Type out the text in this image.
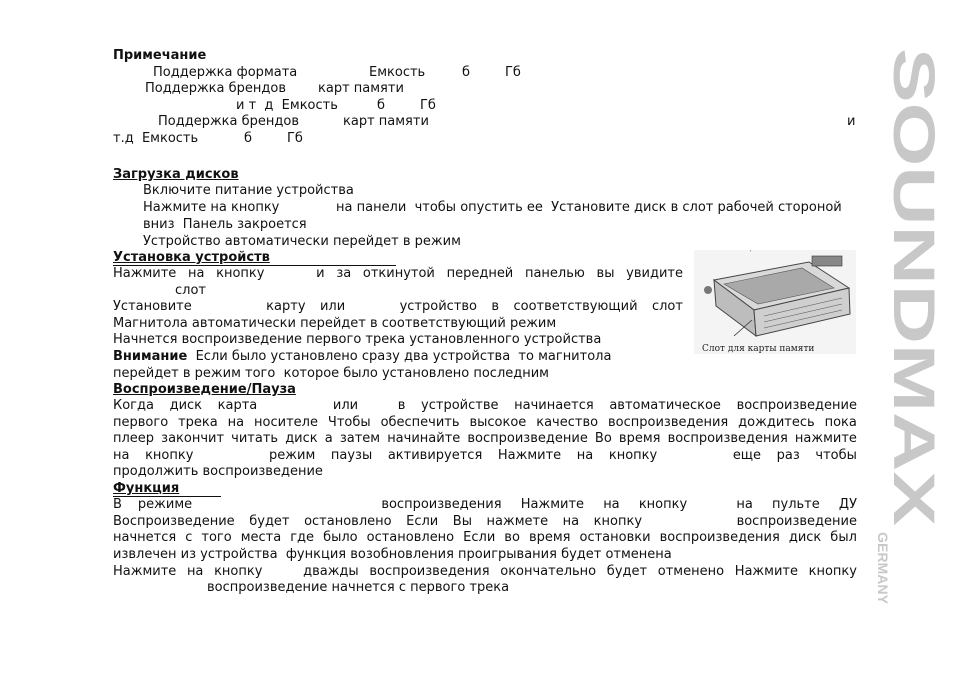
SOUNDMAX
GERMANY
Примечание
Поддержка формата	Емкость	б	Гб
Поддержка брендов карт памяти
и т  д  Емкость	б	Гб
Поддержка брендов	карт памяти	и
т.д  Емкость	б	Гб
Загрузка дисков
Включите питание устройства
Нажмите на кнопку	на панели  чтобы опустить ее  Установите диск в слот рабочей стороной
вниз  Панель закроется
Устройство автоматически перейдет в режим
Установка устройств
Нажмите на кнопку	и за откинутой передней панелью вы увидите
слот
Установите	карту или	устройство в соответствующий слот
Магнитола автоматически перейдет в соответствующий режим
Начнется воспроизведение первого трека установленного устройства
Внимание  Если было установлено сразу два устройства  то магнитола
перейдет в режим того  которое было установлено последним
'
Слот для карты памяти
Воспроизведение/Пауза
Когда диск карта	или	в устройстве начинается автоматическое воспроизведение
первого трека на носителе Чтобы обеспечить высокое качество воспроизведения дождитесь пока
плеер закончит читать диск а затем начинайте воспроизведение Во время воспроизведения нажмите
на кнопку	режим паузы активируется Нажмите на кнопку	еще раз чтобы
продолжить воспроизведение
Функция
В режиме	воспроизведения Нажмите на кнопку	на пульте ДУ
Воспроизведение будет остановлено Если Вы нажмете на кнопку	воспроизведение
начнется с того места где было остановлено Если во время остановки воспроизведения диск был
извлечен из устройства  функция возобновления проигрывания будет отменена
Нажмите на кнопку	дважды воспроизведения окончательно будет отменено Нажмите кнопку
воспроизведение начнется с первого трека
